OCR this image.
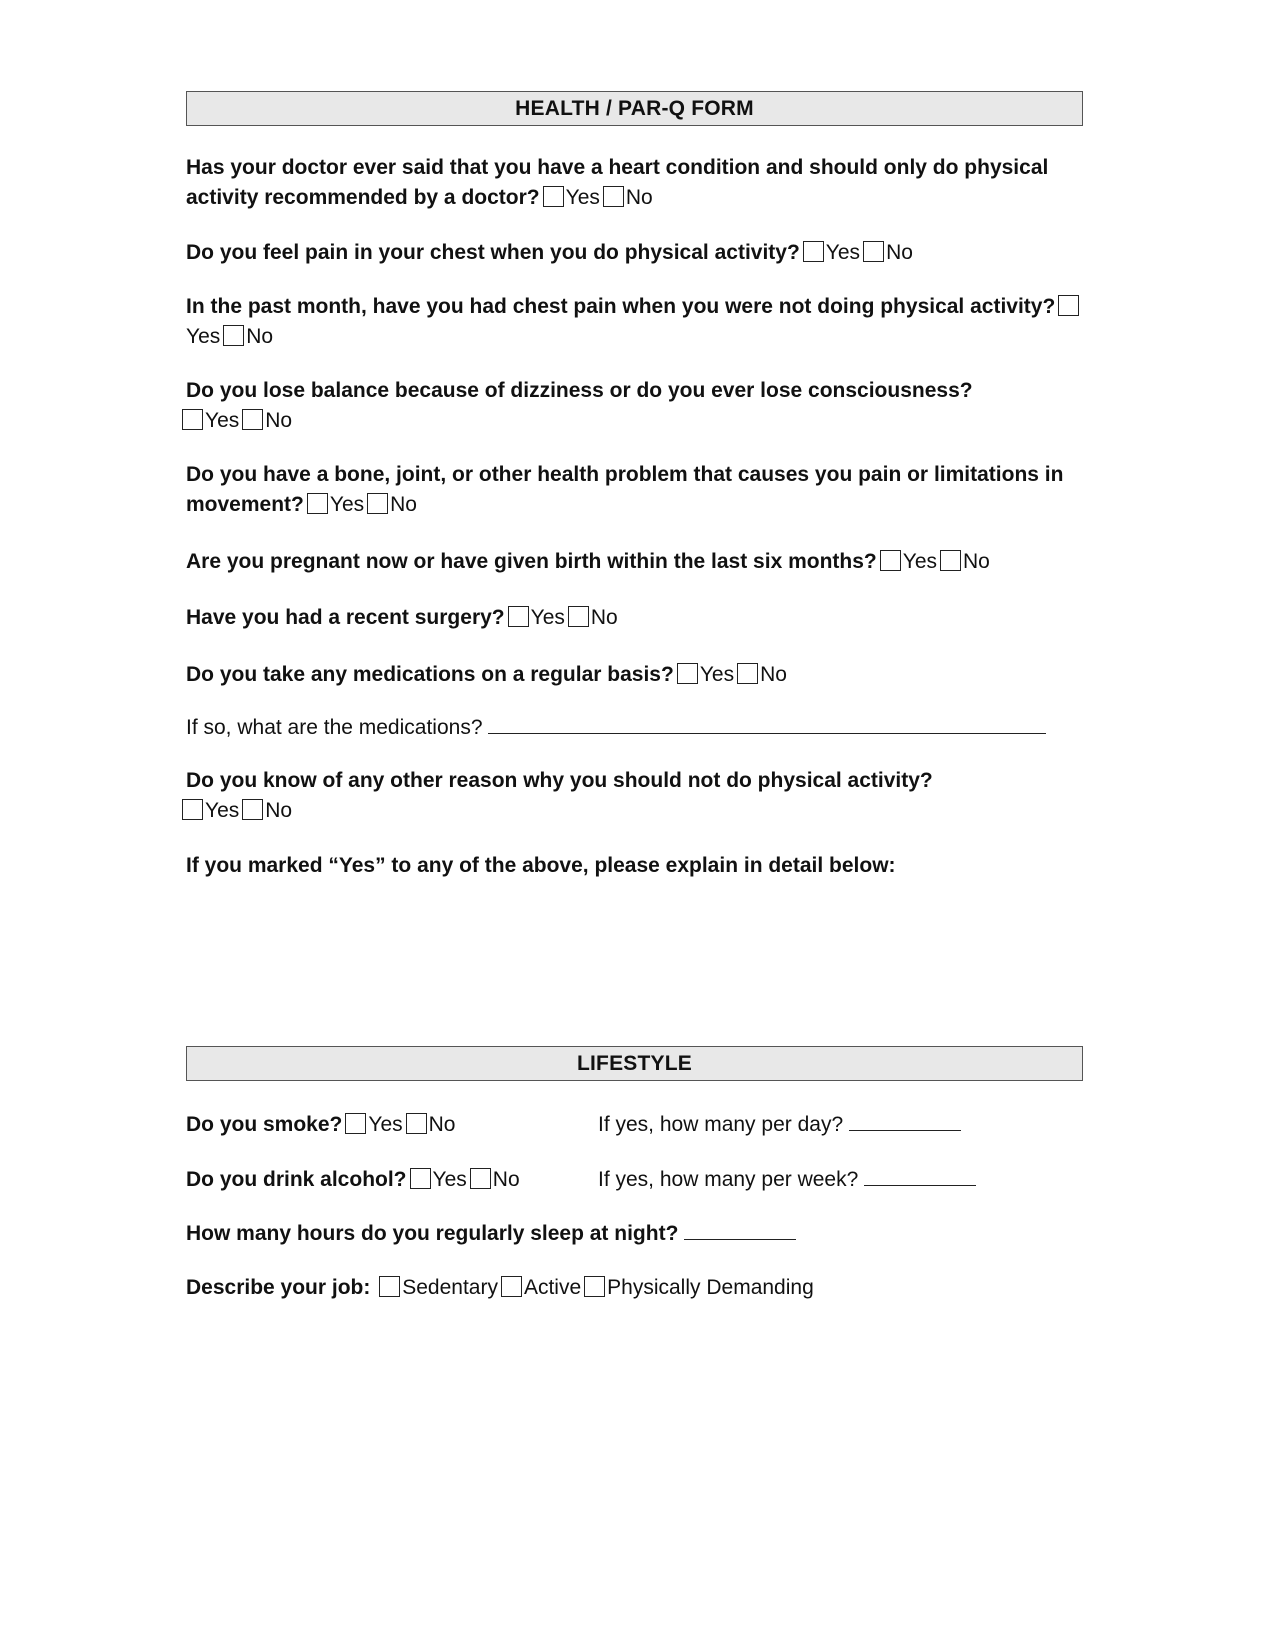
HEALTH / PAR-Q FORM
Has your doctor ever said that you have a heart condition and should only do physical activity recommended by a doctor? Yes No
Do you feel pain in your chest when you do physical activity? Yes No
In the past month, have you had chest pain when you were not doing physical activity?Yes No
Do you lose balance because of dizziness or do you ever lose consciousness?
Yes No
Do you have a bone, joint, or other health problem that causes you pain or limitations in movement? Yes No
Are you pregnant now or have given birth within the last six months? Yes No
Have you had a recent surgery? Yes No
Do you take any medications on a regular basis? Yes No
If so, what are the medications?
Do you know of any other reason why you should not do physical activity?
Yes No
If you marked “Yes” to any of the above, please explain in detail below:
LIFESTYLE
Do you smoke? Yes No	If yes, how many per day?
Do you drink alcohol? Yes No	If yes, how many per week?
How many hours do you regularly sleep at night?
Describe your job: Sedentary Active Physically Demanding
